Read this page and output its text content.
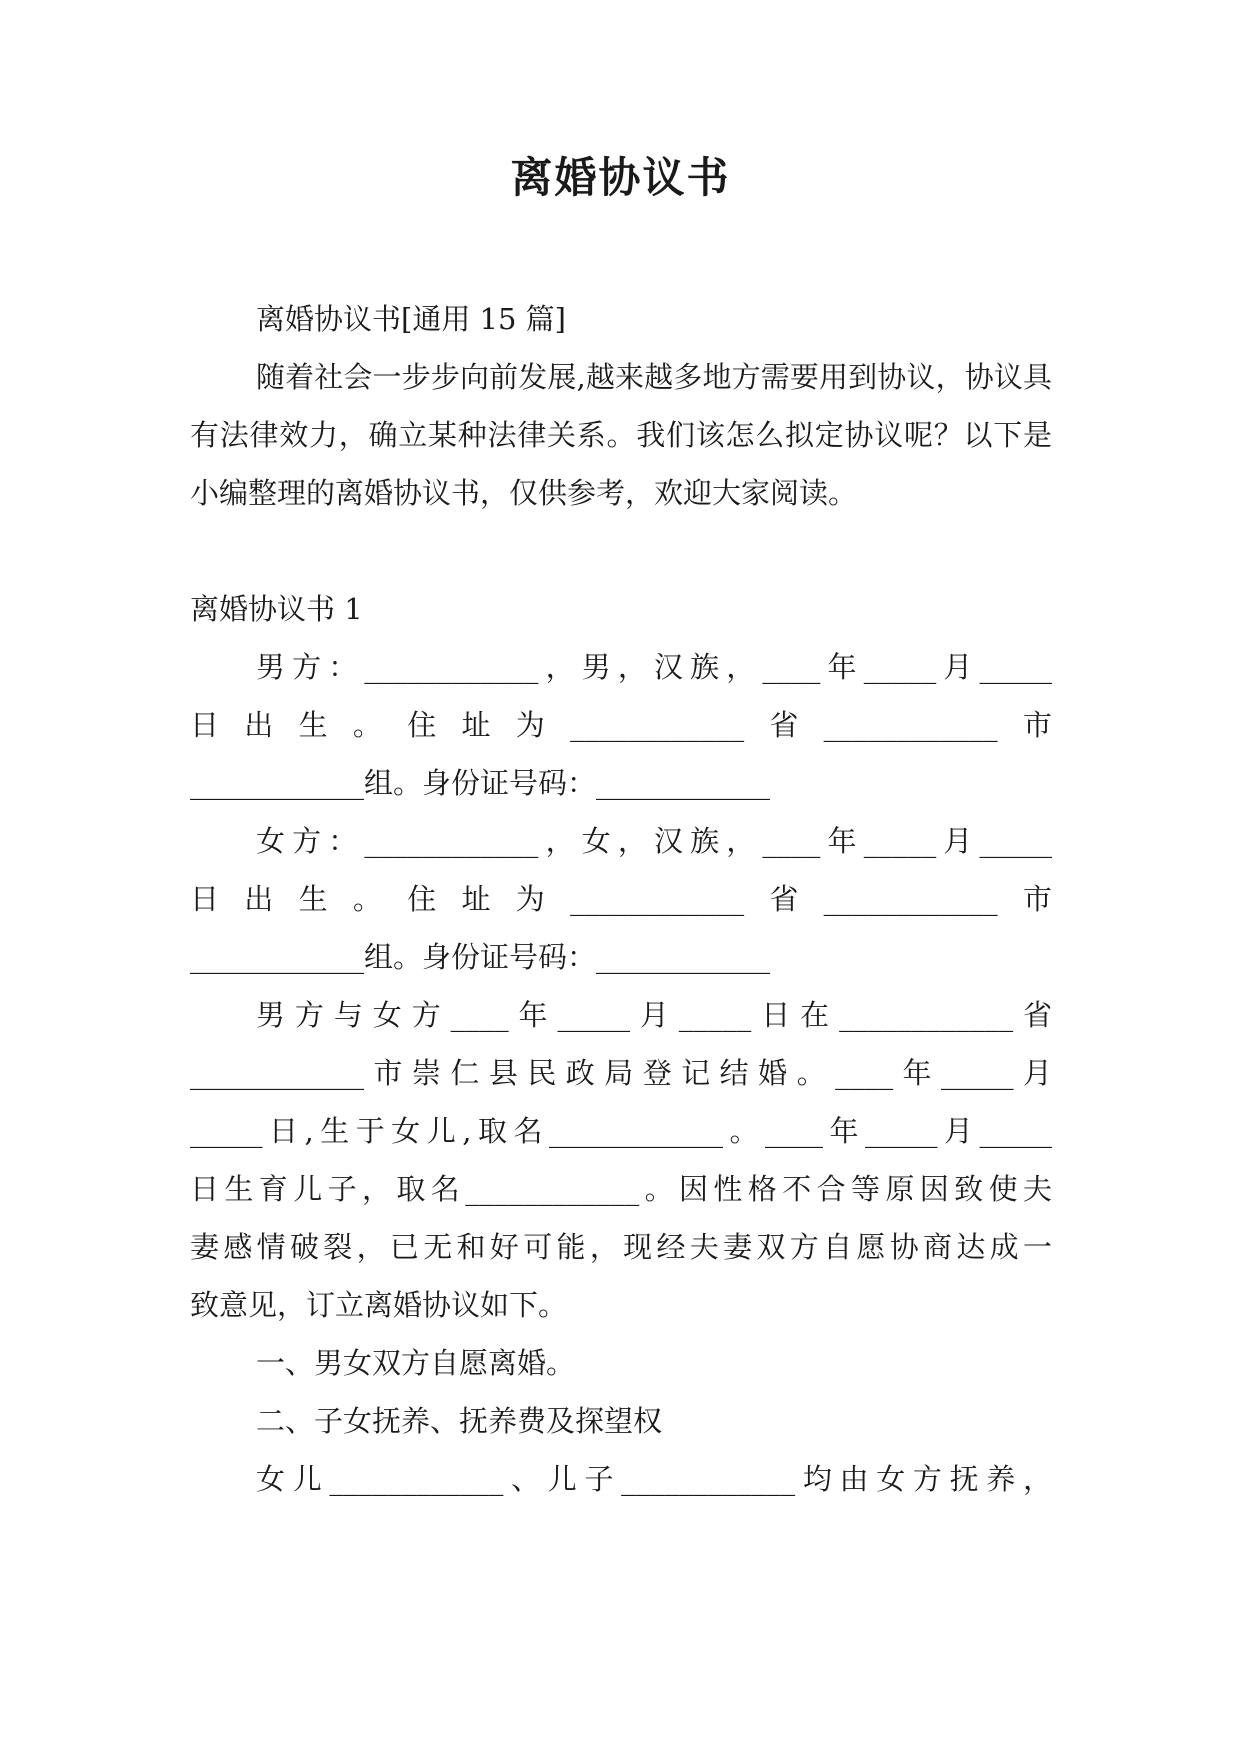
离婚协议书

离婚协议书[通用 15 篇]

随着社会一步步向前发展,越来越多地方需要用到协议，协议具有法律效力，确立某种法律关系。我们该怎么拟定协议呢？以下是小编整理的离婚协议书，仅供参考，欢迎大家阅读。

离婚协议书 1

男方：____________，男，汉族，____年_____月_____
日出生。住址为____________省____________市
____________组。身份证号码：____________
女方：____________，女，汉族，____年_____月_____
日出生。住址为____________省____________市
____________组。身份证号码：____________
男方与女方____年_____月_____日在____________省
____________市崇仁县民政局登记结婚。____年_____月
_____日,生于女儿,取名____________。____年_____月_____
日生育儿子，取名____________。因性格不合等原因致使夫
妻感情破裂，已无和好可能，现经夫妻双方自愿协商达成一
致意见，订立离婚协议如下。

一、男女双方自愿离婚。

二、子女抚养、抚养费及探望权

女儿____________、儿子____________均由女方抚养，
